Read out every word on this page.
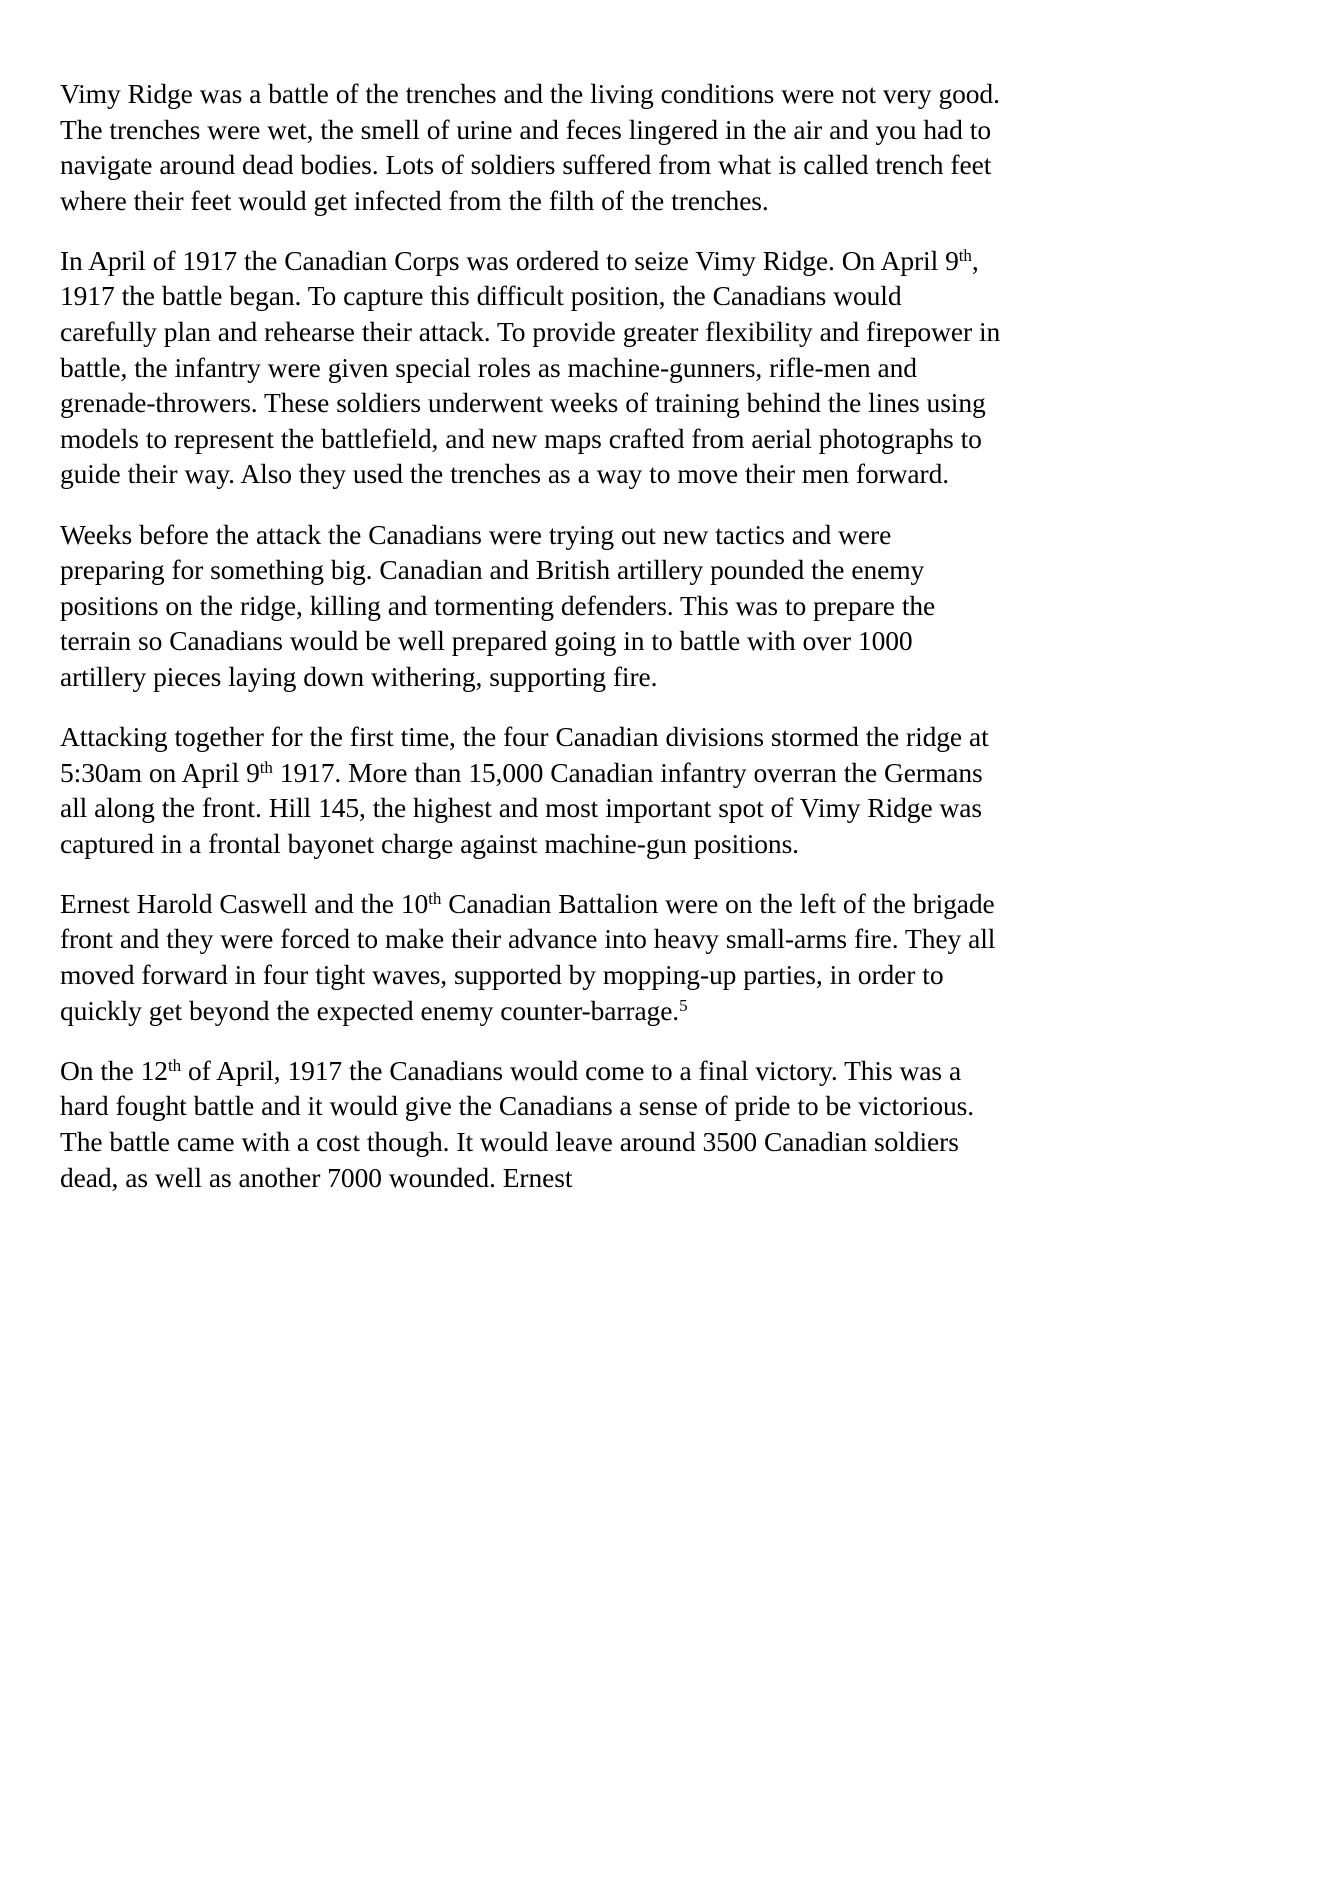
Vimy Ridge was a battle of the trenches and the living conditions were not very good. The trenches were wet, the smell of urine and feces lingered in the air and you had to navigate around dead bodies. Lots of soldiers suffered from what is called trench feet where their feet would get infected from the filth of the trenches.

In April of 1917 the Canadian Corps was ordered to seize Vimy Ridge. On April 9th, 1917 the battle began. To capture this difficult position, the Canadians would carefully plan and rehearse their attack. To provide greater flexibility and firepower in battle, the infantry were given special roles as machine-gunners, rifle-men and grenade-throwers. These soldiers underwent weeks of training behind the lines using models to represent the battlefield, and new maps crafted from aerial photographs to guide their way. Also they used the trenches as a way to move their men forward.

Weeks before the attack the Canadians were trying out new tactics and were preparing for something big. Canadian and British artillery pounded the enemy positions on the ridge, killing and tormenting defenders. This was to prepare the terrain so Canadians would be well prepared going in to battle with over 1000 artillery pieces laying down withering, supporting fire.

Attacking together for the first time, the four Canadian divisions stormed the ridge at 5:30am on April 9th 1917. More than 15,000 Canadian infantry overran the Germans all along the front. Hill 145, the highest and most important spot of Vimy Ridge was captured in a frontal bayonet charge against machine-gun positions.

Ernest Harold Caswell and the 10th Canadian Battalion were on the left of the brigade front and they were forced to make their advance into heavy small-arms fire. They all moved forward in four tight waves, supported by mopping-up parties, in order to quickly get beyond the expected enemy counter-barrage.$^5$

On the 12th of April, 1917 the Canadians would come to a final victory. This was a hard fought battle and it would give the Canadians a sense of pride to be victorious. The battle came with a cost though. It would leave around 3500 Canadian soldiers dead, as well as another 7000 wounded. Ernest
